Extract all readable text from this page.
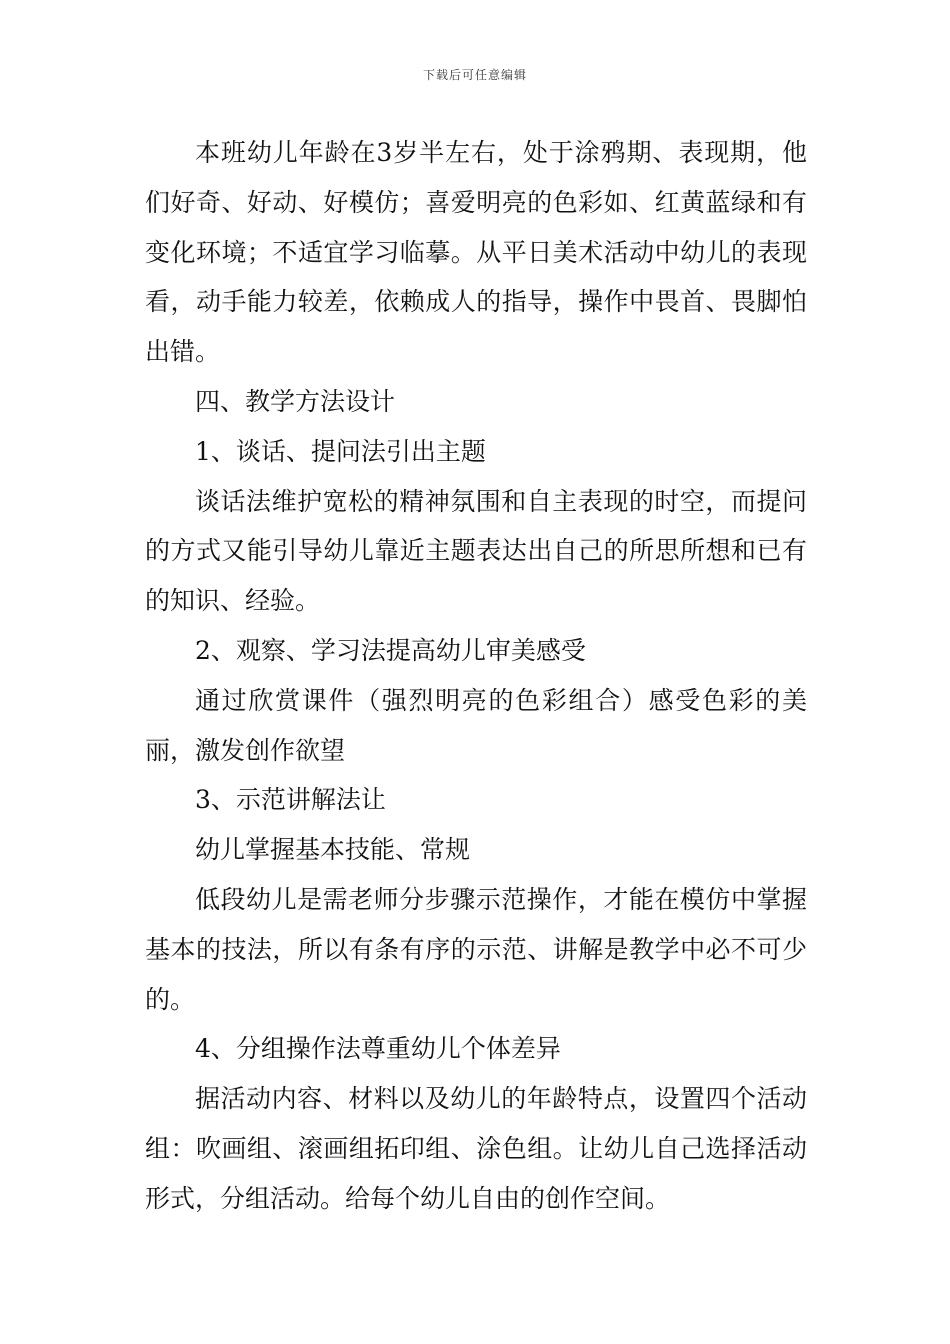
下载后可任意编辑

本班幼儿年龄在3岁半左右，处于涂鸦期、表现期，他们好奇、好动、好模仿；喜爱明亮的色彩如、红黄蓝绿和有变化环境；不适宜学习临摹。从平日美术活动中幼儿的表现看，动手能力较差，依赖成人的指导，操作中畏首、畏脚怕出错。

四、教学方法设计

1、谈话、提问法引出主题

谈话法维护宽松的精神氛围和自主表现的时空，而提问的方式又能引导幼儿靠近主题表达出自己的所思所想和已有的知识、经验。

2、观察、学习法提高幼儿审美感受

通过欣赏课件（强烈明亮的色彩组合）感受色彩的美丽，激发创作欲望

3、示范讲解法让

幼儿掌握基本技能、常规

低段幼儿是需老师分步骤示范操作，才能在模仿中掌握基本的技法，所以有条有序的示范、讲解是教学中必不可少的。

4、分组操作法尊重幼儿个体差异

据活动内容、材料以及幼儿的年龄特点，设置四个活动组：吹画组、滚画组拓印组、涂色组。让幼儿自己选择活动形式，分组活动。给每个幼儿自由的创作空间。
